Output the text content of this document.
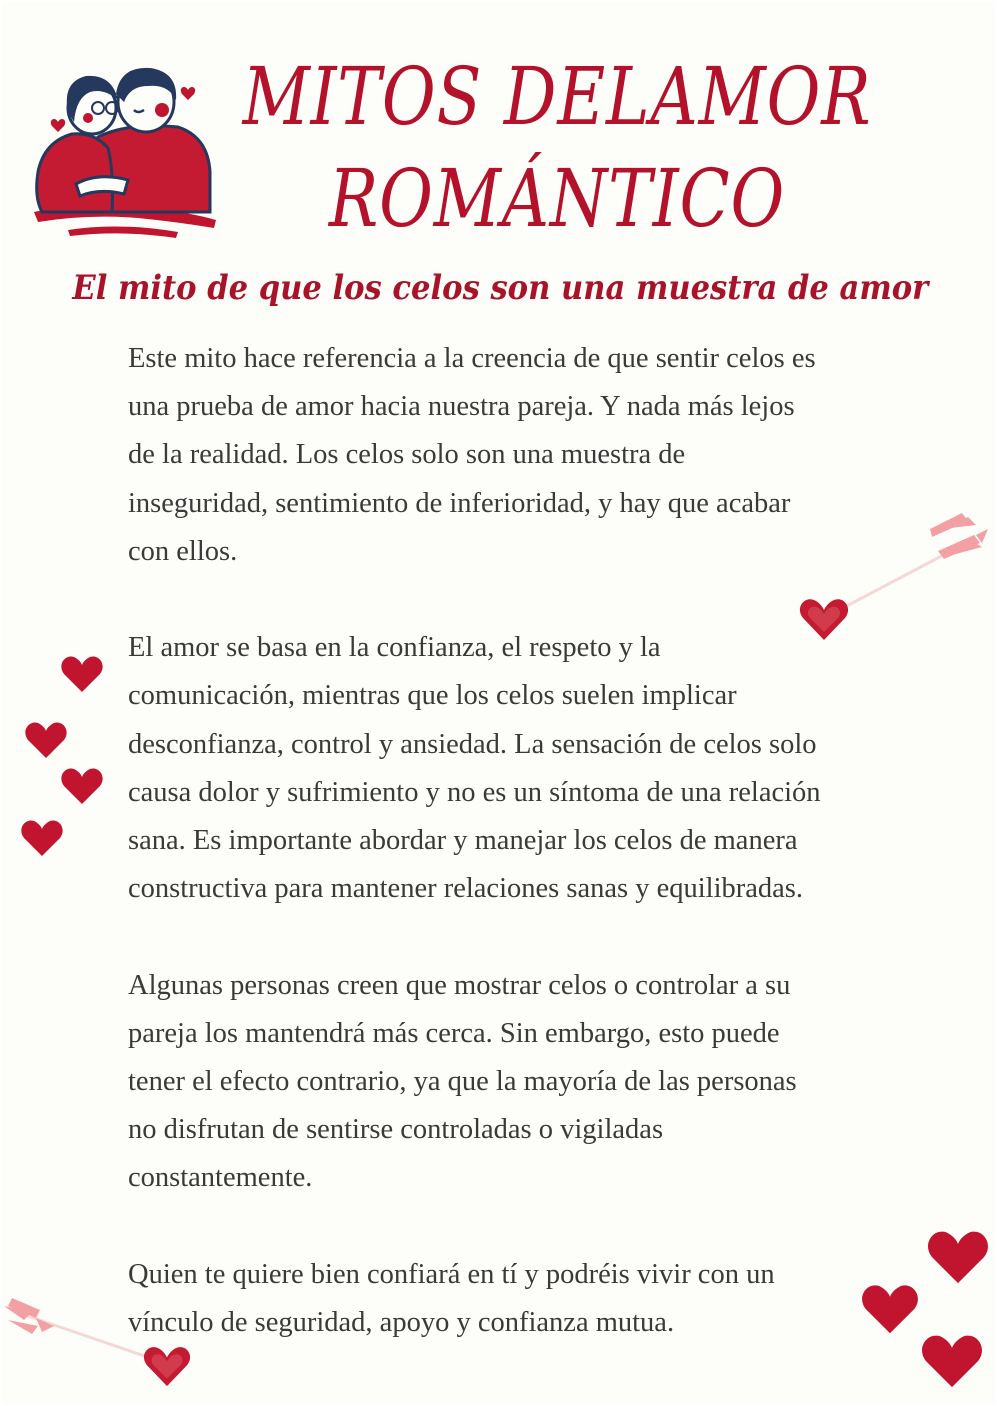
MITOS DELAMOR
ROMÁNTICO
El mito de que los celos son una muestra de amor
Este mito hace referencia a la creencia de que sentir celos es
una prueba de amor hacia nuestra pareja. Y nada más lejos
de la realidad. Los celos solo son una muestra de
inseguridad, sentimiento de inferioridad, y hay que acabar
con ellos.
El amor se basa en la confianza, el respeto y la
comunicación, mientras que los celos suelen implicar
desconfianza, control y ansiedad. La sensación de celos solo
causa dolor y sufrimiento y no es un síntoma de una relación
sana. Es importante abordar y manejar los celos de manera
constructiva para mantener relaciones sanas y equilibradas.
Algunas personas creen que mostrar celos o controlar a su
pareja los mantendrá más cerca. Sin embargo, esto puede
tener el efecto contrario, ya que la mayoría de las personas
no disfrutan de sentirse controladas o vigiladas
constantemente.
Quien te quiere bien confiará en tí y podréis vivir con un
vínculo de seguridad, apoyo y confianza mutua.
